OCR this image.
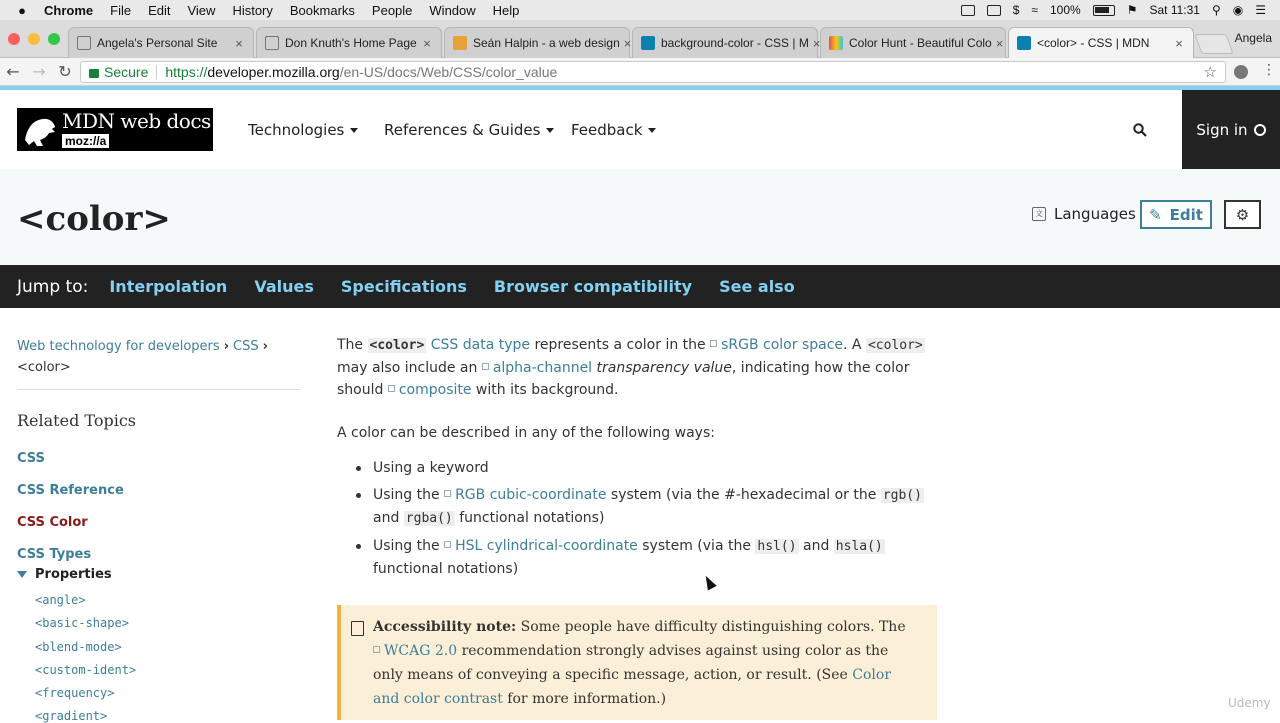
●	Chrome File Edit View History Bookmarks People Window Help	$ ≈ 100%	⚑ Sat 11:31 ⚲ ◉ ☰
Angela's Personal Site	×	Don Knuth's Home Page ×	Seán Halpin - a web design × background-color - CSS | M × Color Hunt - Beautiful Colo ×	<color> - CSS | MDN	×	Angela
← → ↻	Secure https:// developer.mozilla.org /en-US/docs/Web/CSS/color_value	☆	⋮
MDN web docs
moz://a
Technologies	References & Guides	Feedback	Sign in
<color>	文 Languages ✎ Edit ⚙
Jump to: Interpolation Values Specifications Browser compatibility See also
Web technology for developers › CSS ›
<color>
Related Topics
CSS
CSS Reference
CSS Color
CSS Types
Properties
<angle>
<basic-shape>
<blend-mode>
<custom-ident>
<frequency>
<gradient>

The <color> CSS data type represents a color in the sRGB color space. A <color> may also include an alpha-channel transparency value, indicating how the color should composite with its background.

A color can be described in any of the following ways:

Using a keyword
Using the RGB cubic-coordinate system (via the #-hexadecimal or the rgb() and rgba() functional notations)
Using the HSL cylindrical-coordinate system (via the hsl() and hsla() functional notations)
Accessibility note: Some people have difficulty distinguishing colors. The WCAG 2.0 recommendation strongly advises against using color as the only means of conveying a specific message, action, or result. (See Color and color contrast for more information.)	Udemy
